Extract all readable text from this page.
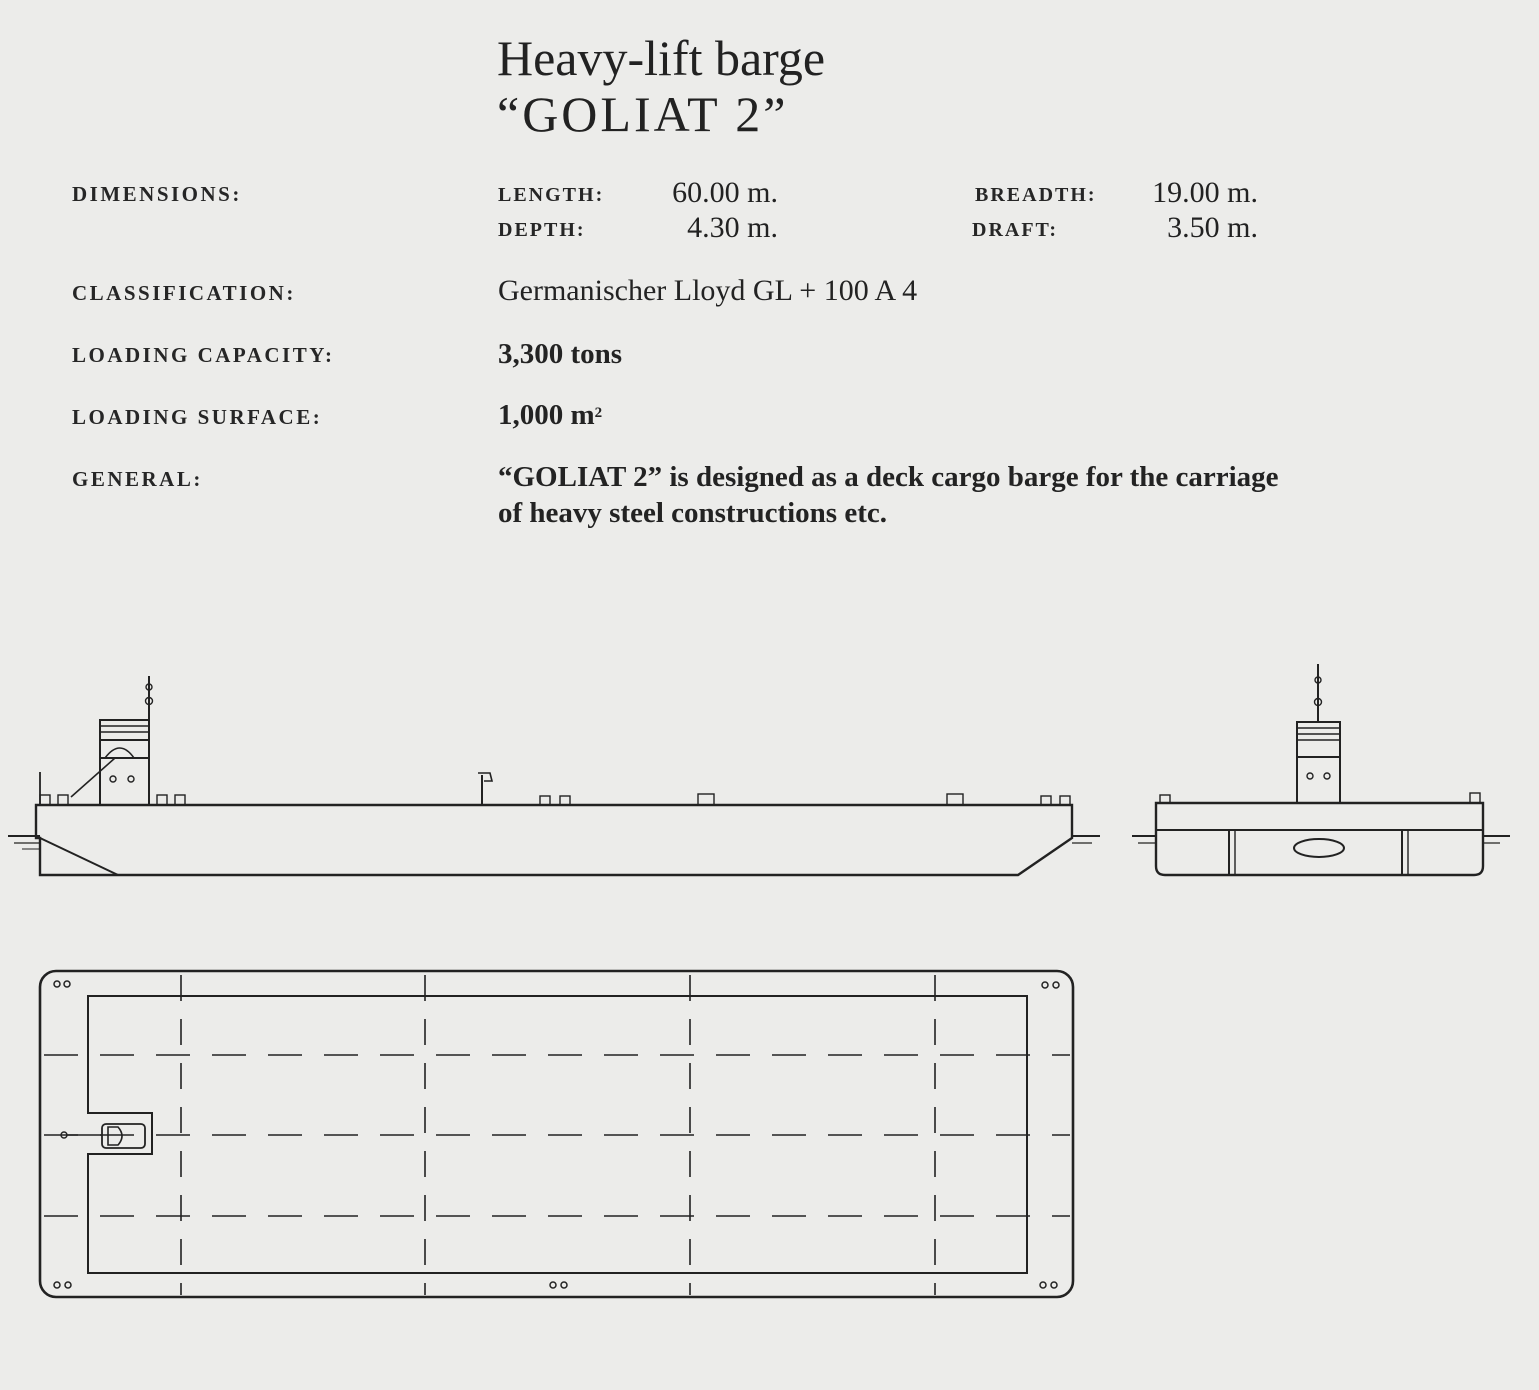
Heavy-lift barge
“GOLIAT 2”
DIMENSIONS:	LENGTH:	60.00 m.	BREADTH:	19.00 m.
DEPTH:	4.30 m.	DRAFT:	3.50 m.
CLASSIFICATION:	Germanischer Lloyd GL + 100 A 4
LOADING CAPACITY:	3,300 tons
LOADING SURFACE:	1,000 $m^2$
GENERAL:	“GOLIAT 2” is designed as a deck cargo barge for the carriage
of heavy steel constructions etc.
